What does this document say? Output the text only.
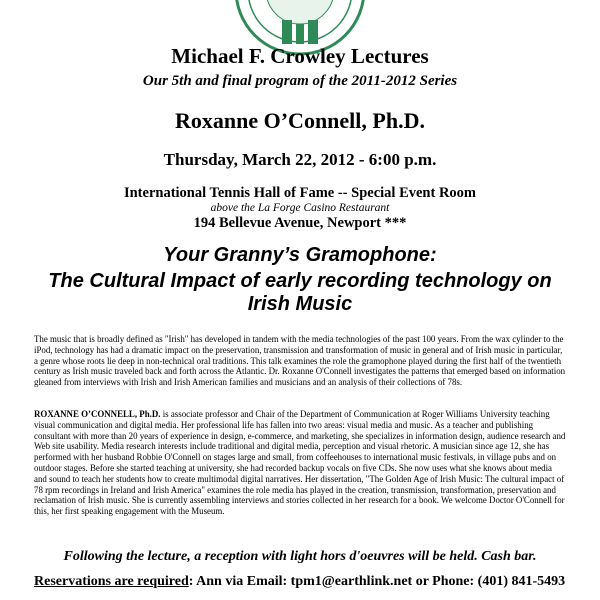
Michael F. Crowley Lectures
Our 5th and final program of the 2011-2012 Series
Roxanne O’Connell, Ph.D.
Thursday, March 22, 2012 - 6:00 p.m.
International Tennis Hall of Fame -- Special Event Room
above the La Forge Casino Restaurant
194 Bellevue Avenue, Newport ***
Your Granny’s Gramophone:
The Cultural Impact of early recording technology on
Irish Music
The music that is broadly defined as "Irish" has developed in tandem with the media technologies of the past 100 years. From the wax cylinder to the iPod, technology has had a dramatic impact on the preservation, transmission and transformation of music in general and of Irish music in particular, a genre whose roots lie deep in non-technical oral traditions. This talk examines the role the gramophone played during the first half of the twentieth century as Irish music traveled back and forth across the Atlantic. Dr. Roxanne O'Connell investigates the patterns that emerged based on information gleaned from interviews with Irish and Irish American families and musicians and an analysis of their collections of 78s.
ROXANNE O’CONNELL, Ph.D. is associate professor and Chair of the Department of Communication at Roger Williams University teaching visual communication and digital media. Her professional life has fallen into two areas: visual media and music. As a teacher and publishing consultant with more than 20 years of experience in design, e-commerce, and marketing, she specializes in information design, audience research and Web site usability. Media research interests include traditional and digital media, perception and visual rhetoric. A musician since age 12, she has performed with her husband Robbie O'Connell on stages large and small, from coffeehouses to international music festivals, in village pubs and on outdoor stages. Before she started teaching at university, she had recorded backup vocals on five CDs. She now uses what she knows about media and sound to teach her students how to create multimodal digital narratives. Her dissertation, "The Golden Age of Irish Music: The cultural impact of 78 rpm recordings in Ireland and Irish America" examines the role media has played in the creation, transmission, transformation, preservation and reclamation of Irish music. She is currently assembling interviews and stories collected in her research for a book. We welcome Doctor O'Connell for this, her first speaking engagement with the Museum.
Following the lecture, a reception with light hors d'oeuvres will be held. Cash bar.
Reservations are required: Ann via Email: tpm1@earthlink.net or Phone: (401) 841-5493
